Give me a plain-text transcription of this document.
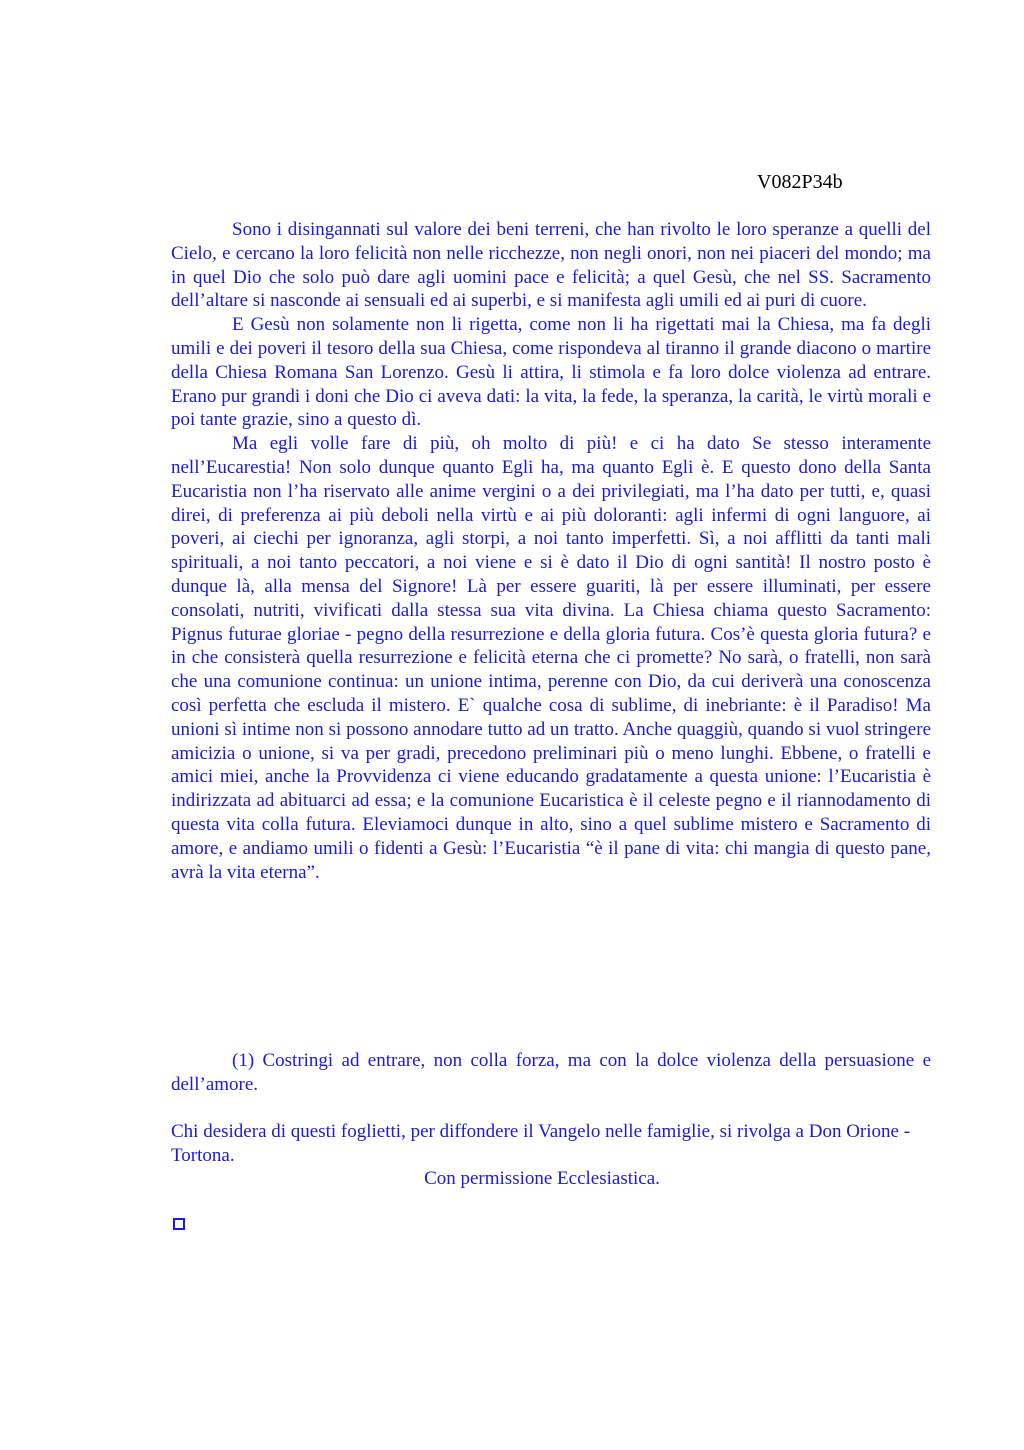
V082P34b

Sono i disingannati sul valore dei beni terreni, che han rivolto le loro speranze a quelli del Cielo, e cercano la loro felicità non nelle ricchezze, non negli onori, non nei piaceri del mondo; ma in quel Dio che solo può dare agli uomini pace e felicità; a quel Gesù, che nel SS. Sacramento dell’altare si nasconde ai sensuali ed ai superbi, e si manifesta agli umili ed ai puri di cuore.

E Gesù non solamente non li rigetta, come non li ha rigettati mai la Chiesa, ma fa degli umili e dei poveri il tesoro della sua Chiesa, come rispondeva al tiranno il grande diacono o martire della Chiesa Romana San Lorenzo. Gesù li attira, li stimola e fa loro dolce violenza ad entrare. Erano pur grandi i doni che Dio ci aveva dati: la vita, la fede, la speranza, la carità, le virtù morali e poi tante grazie, sino a questo dì.

Ma egli volle fare di più, oh molto di più! e ci ha dato Se stesso interamente nell’Eucarestia! Non solo dunque quanto Egli ha, ma quanto Egli è. E questo dono della Santa Eucaristia non l’ha riservato alle anime vergini o a dei privilegiati, ma l’ha dato per tutti, e, quasi direi, di preferenza ai più deboli nella virtù e ai più doloranti: agli infermi di ogni languore, ai poveri, ai ciechi per ignoranza, agli storpi, a noi tanto imperfetti. Sì, a noi afflitti da tanti mali spirituali, a noi tanto peccatori, a noi viene e si è dato il Dio di ogni santità! Il nostro posto è dunque là, alla mensa del Signore! Là per essere guariti, là per essere illuminati, per essere consolati, nutriti, vivificati dalla stessa sua vita divina. La Chiesa chiama questo Sacramento: Pignus futurae gloriae - pegno della resurrezione e della gloria futura. Cos’è questa gloria futura? e in che consisterà quella resurrezione e felicità eterna che ci promette? No sarà, o fratelli, non sarà che una comunione continua: un unione intima, perenne con Dio, da cui deriverà una conoscenza così perfetta che escluda il mistero. E` qualche cosa di sublime, di inebriante: è il Paradiso! Ma unioni sì intime non si possono annodare tutto ad un tratto. Anche quaggiù, quando si vuol stringere amicizia o unione, si va per gradi, precedono preliminari più o meno lunghi. Ebbene, o fratelli e amici miei, anche la Provvidenza ci viene educando gradatamente a questa unione: l’Eucaristia è indirizzata ad abituarci ad essa; e la comunione Eucaristica è il celeste pegno e il riannodamento di questa vita colla futura. Eleviamoci dunque in alto, sino a quel sublime mistero e Sacramento di amore, e andiamo umili o fidenti a Gesù: l’Eucaristia “è il pane di vita: chi mangia di questo pane, avrà la vita eterna”.

(1) Costringi ad entrare, non colla forza, ma con la dolce violenza della persuasione e dell’amore.

Chi desidera di questi foglietti, per diffondere il Vangelo nelle famiglie, si rivolga a Don Orione - Tortona.

Con permissione Ecclesiastica.
